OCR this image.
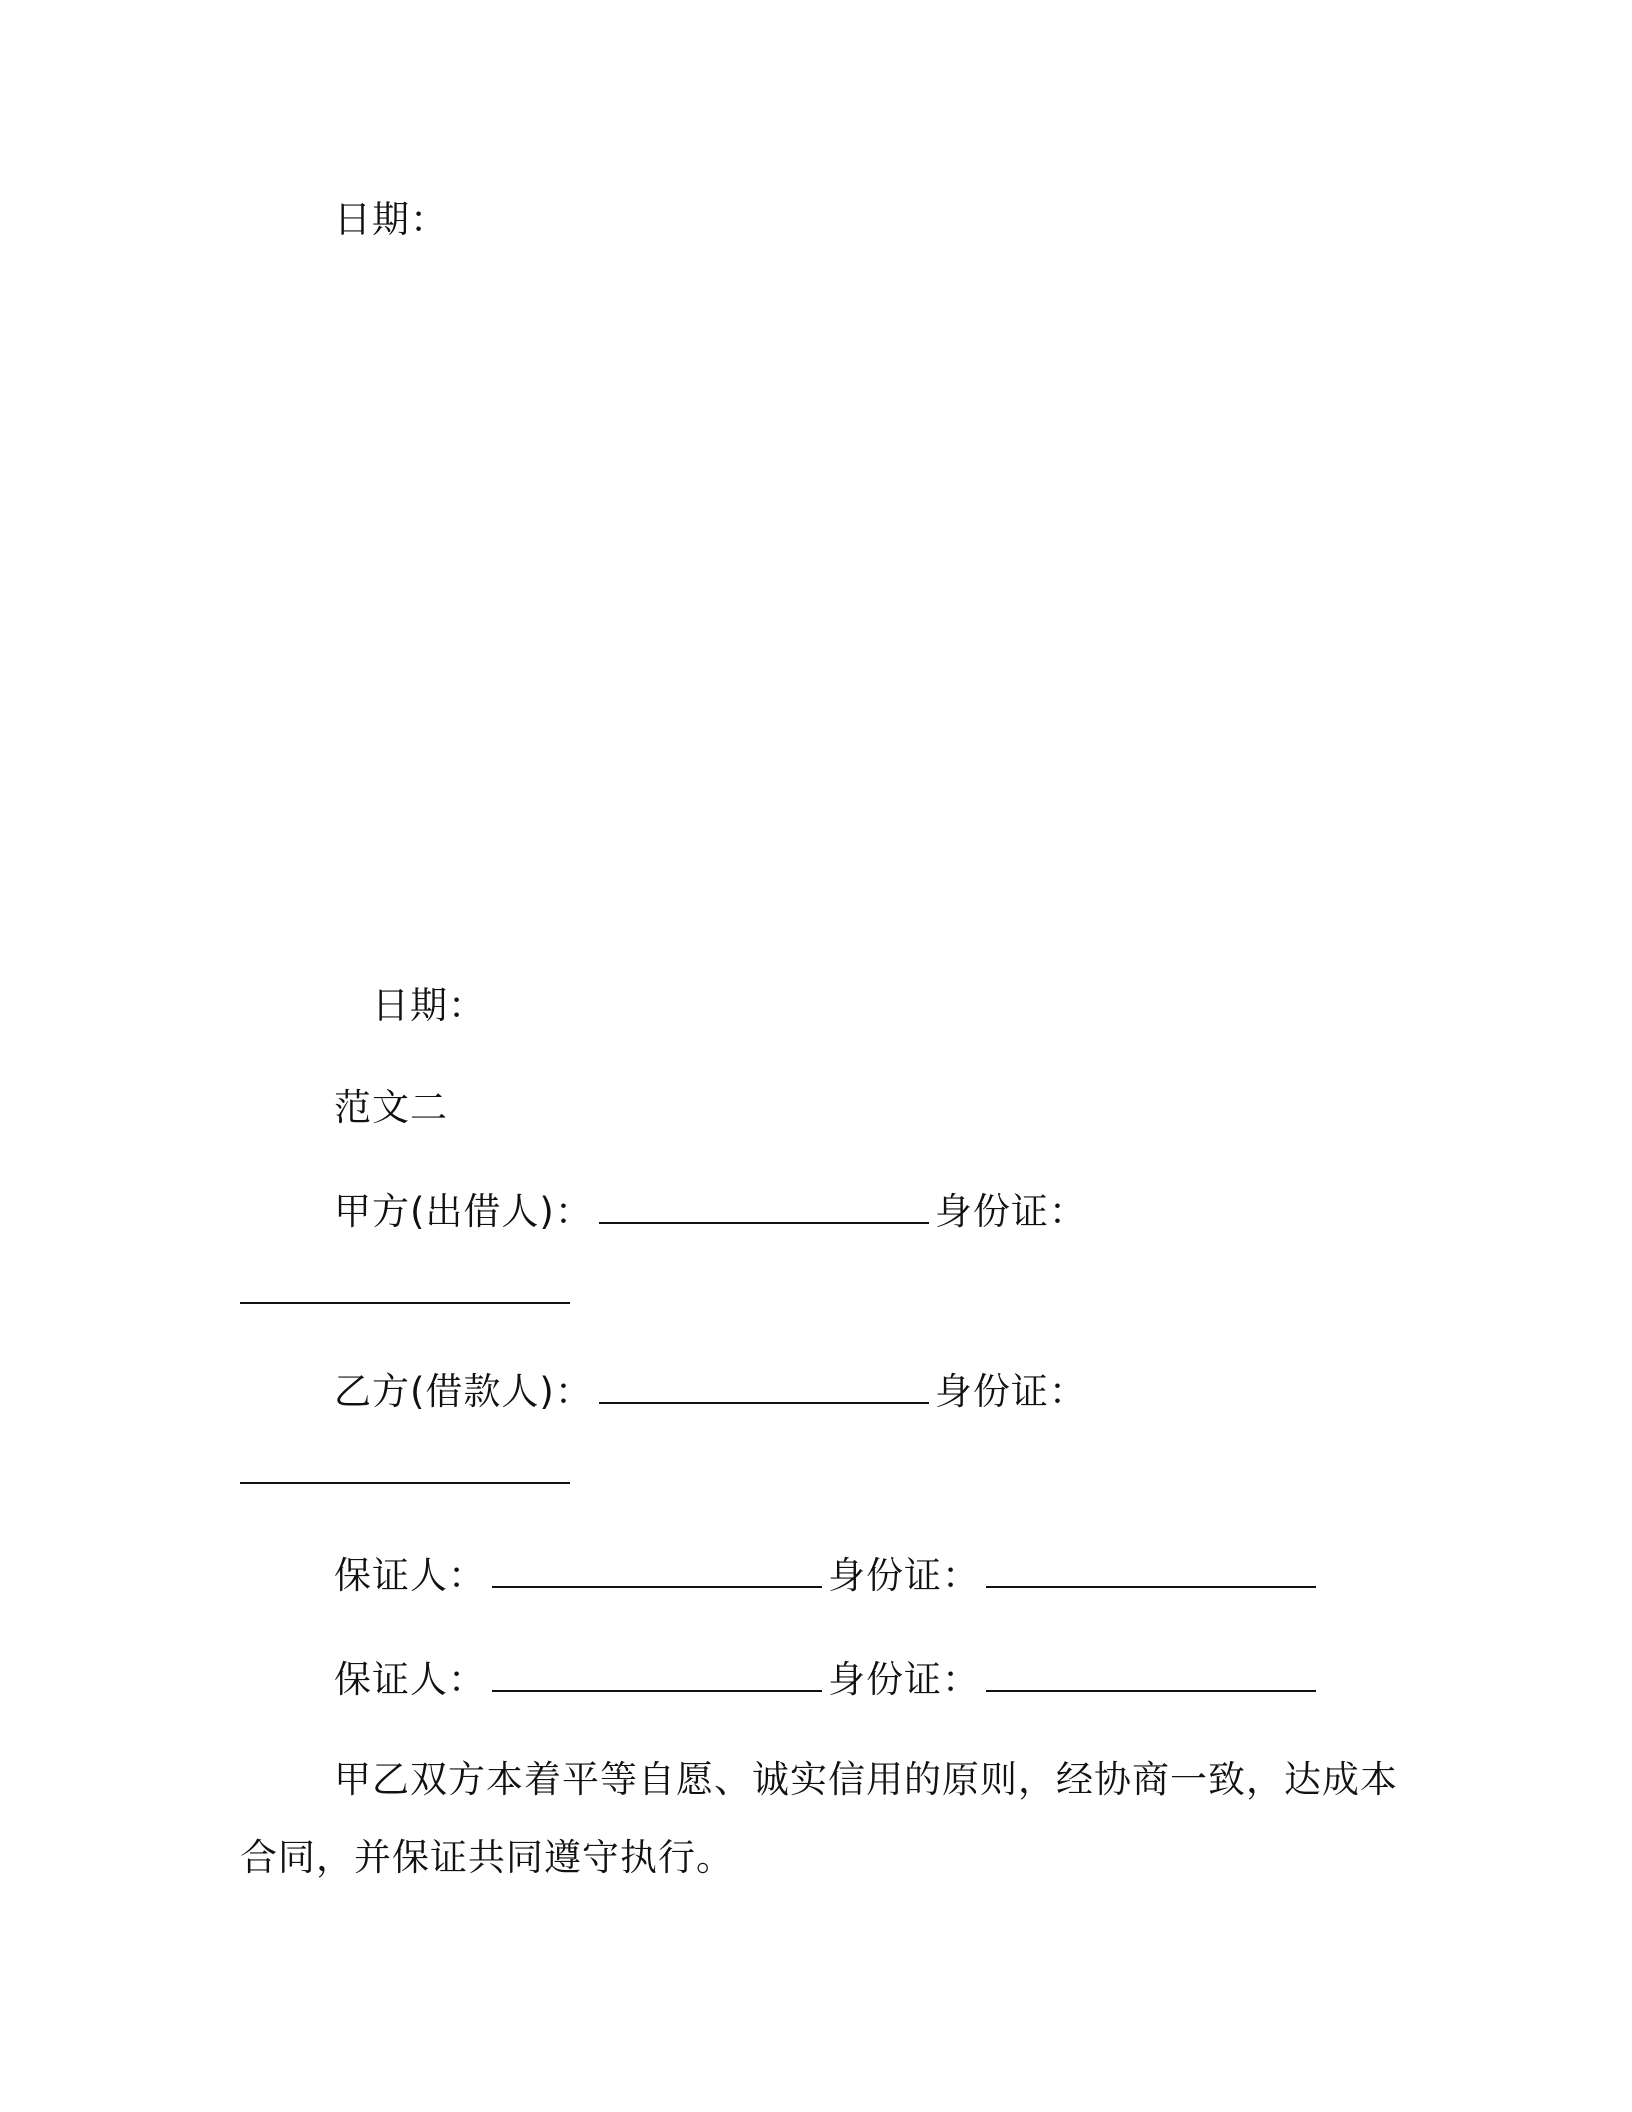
日期：
日期：
范文二
甲方(出借人)：	身份证：
乙方(借款人)：	身份证：
保证人：	身份证：
保证人：	身份证：
甲乙双方本着平等自愿、诚实信用的原则，经协商一致，达成本
合同，并保证共同遵守执行。
